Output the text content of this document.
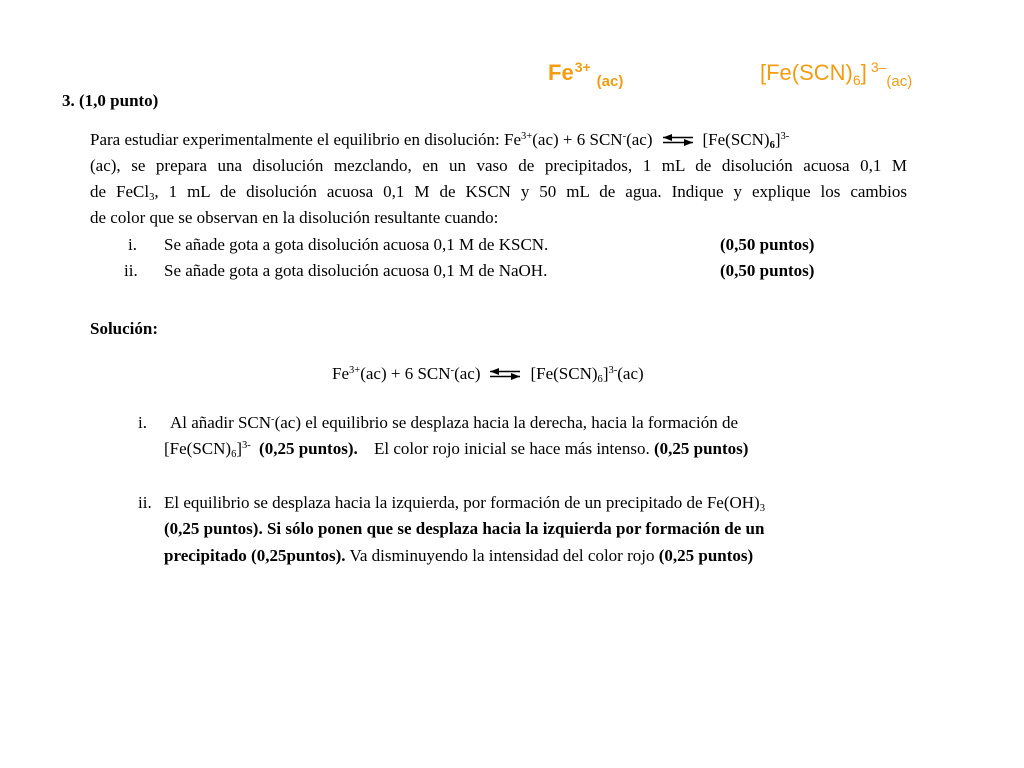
$Fe^{3+}_{(ac)}$	$[Fe(SCN)_6]$ $^{3-}_{(ac)}$
3. (1,0 punto)
Para estudiar experimentalmente el equilibrio en disolución: $Fe^{3+}(ac) + 6$ SCN-(ac) ⇌ $[Fe(SCN)_6]^{3-}$
(ac), se prepara una disolución mezclando, en un vaso de precipitados, 1 mL de disolución acuosa 0,1 M
de FeCl$_3$, 1 mL de disolución acuosa 0,1 M de KSCN y 50 mL de agua. Indique y explique los cambios
de color que se observan en la disolución resultante cuando:
i. Se añade gota a gota disolución acuosa 0,1 M de KSCN.	(0,50 puntos)
ii. Se añade gota a gota disolución acuosa 0,1 M de NaOH.	(0,50 puntos)
Solución:
$Fe^{3+}(ac) + 6$ SCN-(ac) ⇌ $[Fe(SCN)_6]^{3-}(ac)$
i. Al añadir SCN-(ac) el equilibrio se desplaza hacia la derecha, hacia la formación de
$[Fe(SCN)_6]^{3-}$ (0,25 puntos). El color rojo inicial se hace más intenso. (0,25 puntos)
ii. El equilibrio se desplaza hacia la izquierda, por formación de un precipitado de $Fe(OH)_3$
(0,25 puntos). Si sólo ponen que se desplaza hacia la izquierda por formación de un
precipitado (0,25puntos). Va disminuyendo la intensidad del color rojo (0,25 puntos)
